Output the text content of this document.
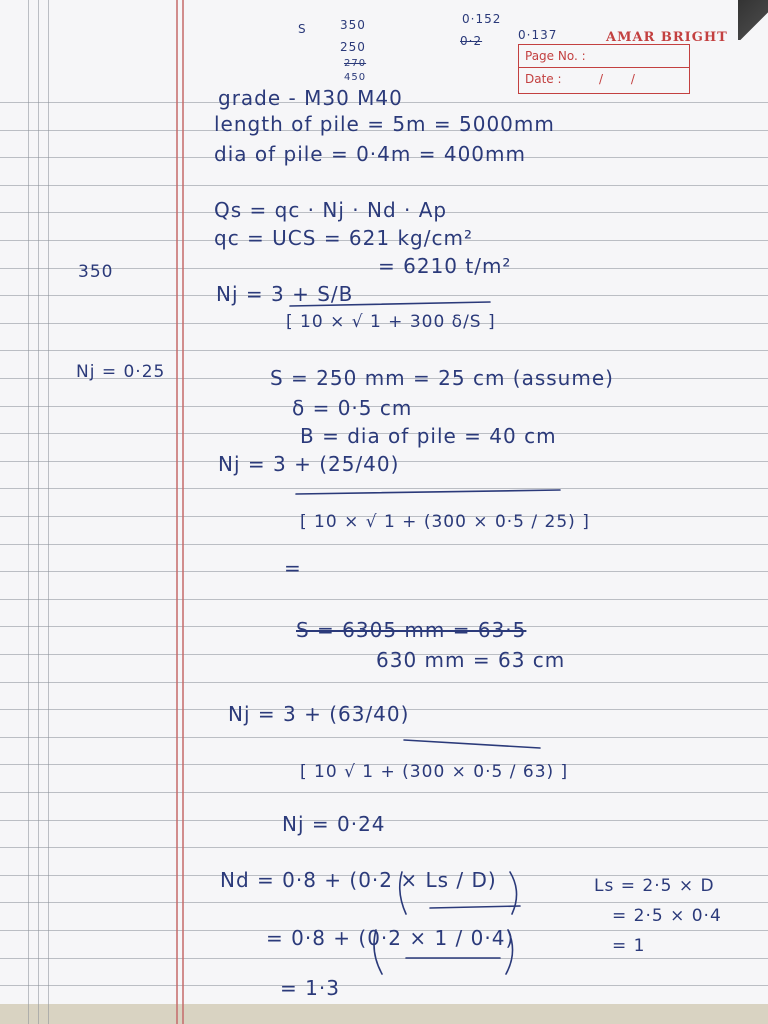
AMAR BRIGHT
Page No. :
Date :	/ /
S	350
250
270
450
0·152
0·2	0·137
350
Nj = 0·25
grade - M30 M40
length of pile = 5m = 5000mm
dia of pile = 0·4m = 400mm
Qs = qc · Nj · Nd · Ap
qc = UCS = 621 kg/cm²
= 6210 t/m²
Nj = 3 + S/B
[ 10 × √ 1 + 300 δ/S ]
S = 250 mm = 25 cm (assume)
δ = 0·5 cm
B = dia of pile = 40 cm
Nj = 3 + (25/40)
[ 10 × √ 1 + (300 × 0·5 / 25) ]
=
S = 6305 mm = 63·5
630 mm = 63 cm
Nj = 3 + (63/40)
[ 10 √ 1 + (300 × 0·5 / 63) ]
Nj = 0·24
Nd = 0·8 + (0·2 × Ls / D)
= 0·8 + (0·2 × 1 / 0·4)
= 1·3
Ls = 2·5 × D
= 2·5 × 0·4
= 1
